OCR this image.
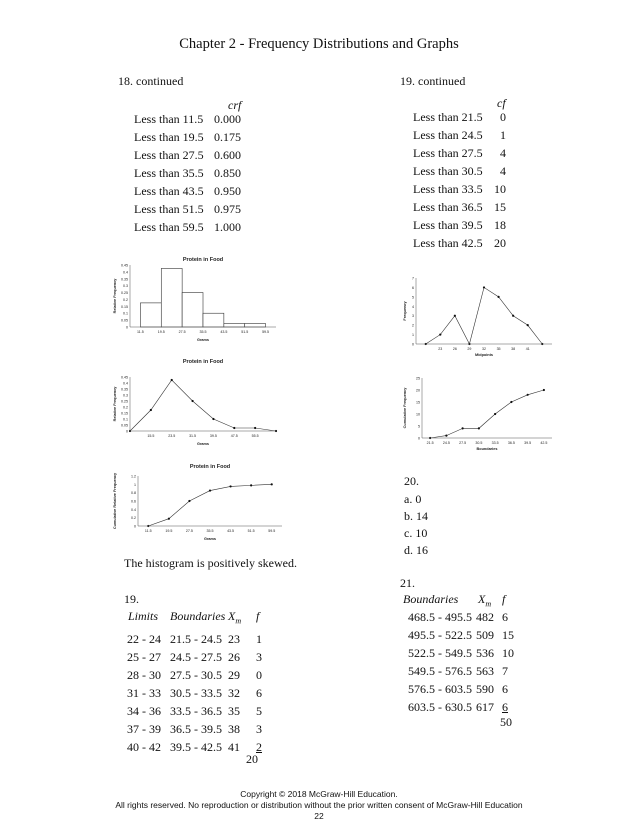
Chapter 2 - Frequency Distributions and Graphs
18. continued
crf
Less than 11.5 0.000
Less than 19.5 0.175
Less than 27.5 0.600
Less than 35.5 0.850
Less than 43.5 0.950
Less than 51.5 0.975
Less than 59.5 1.000
19. continued
cf
Less than 21.5	0
Less than 24.5	1
Less than 27.5	4
Less than 30.5	4
Less than 33.5 10
Less than 36.5 15
Less than 39.5 18
Less than 42.5 20
Protein in Food
0
0.05
0.1
0.15
0.2
0.25
0.3
0.35
0.4
0.45
Relative Frequency
Grams
11.5	19.5	27.5	35.5	43.5	51.5	59.5
Protein in Food
0
0.05
0.1
0.15
0.2
0.25
0.3
0.35
0.4
0.45
Relative Frequency
Grams
15.5	23.5	31.5	39.5	47.5	55.5
Protein in Food
0
0.2
0.4
0.6
0.8
1
1.2
Cumulative Relative Frequency
Grams
11.5	19.5	27.5	35.5	43.5	51.5	59.5
0
1
2
3
4
5
6
7
Frequency
Midpoints
23	26	29	32	35	38	41
0
5
10
15
20
25
Cumulative Frequency
Boundaries
21.5	24.5	27.5	30.5	33.5	36.5	39.5	42.5
The histogram is positively skewed.
19.
Limits Boundaries $X_m$ f
22 - 24 21.5 - 24.5 23 1
25 - 27 24.5 - 27.5 26 3
28 - 30 27.5 - 30.5 29 0
31 - 33 30.5 - 33.5 32 6
34 - 36 33.5 - 36.5 35 5
37 - 39 36.5 - 39.5 38 3
40 - 42 39.5 - 42.5 41 2
20
20.
a. 0
b. 14
c. 10
d. 16
21.
Boundaries $X_m$ f
468.5 - 495.5 482 6
495.5 - 522.5 509 15
522.5 - 549.5 536 10
549.5 - 576.5 563 7
576.5 - 603.5 590 6
603.5 - 630.5 617 6
50
Copyright © 2018 McGraw-Hill Education.
All rights reserved. No reproduction or distribution without the prior written consent of McGraw-Hill Education
22
